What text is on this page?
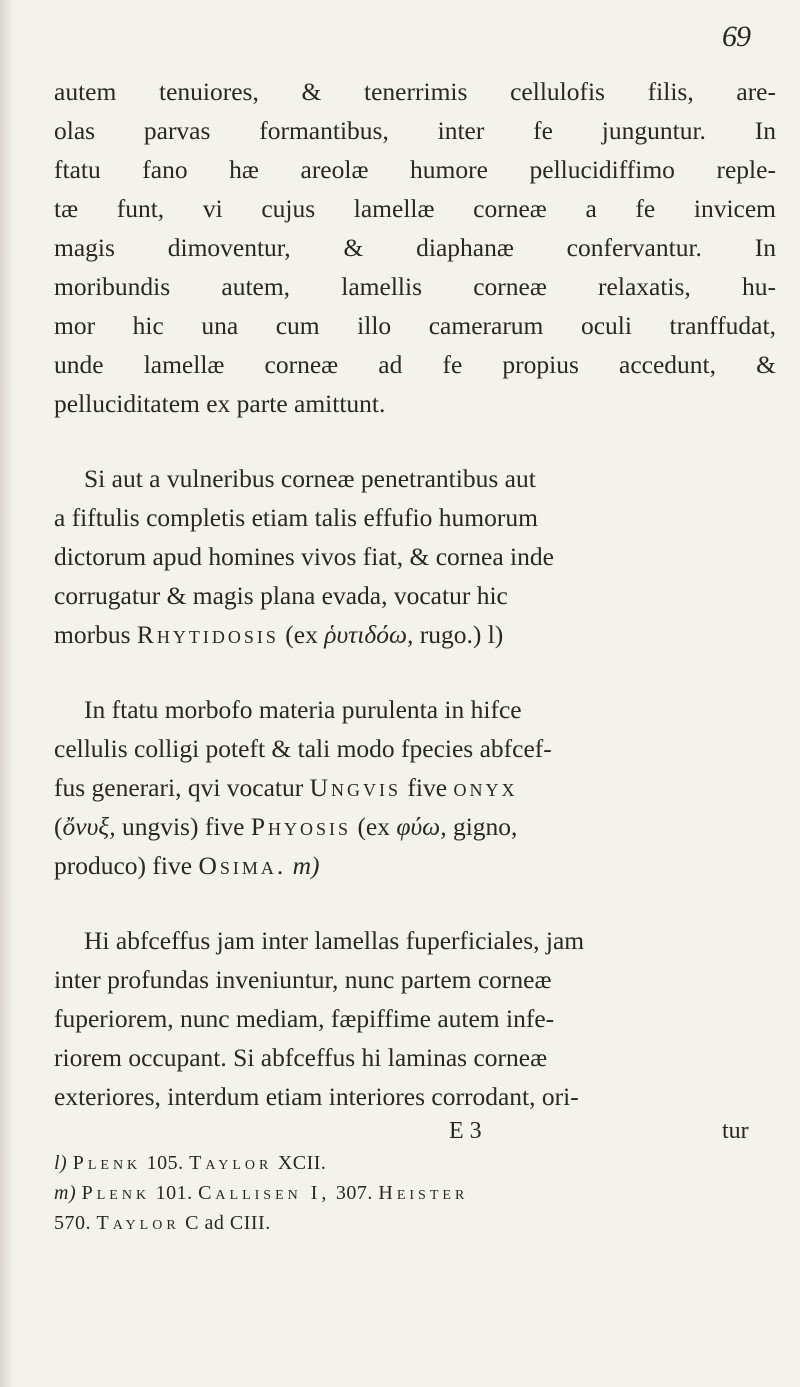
69
autem tenuiores, & tenerrimis cellulofis filis, are-
olas parvas formantibus, inter fe junguntur. In
ftatu fano hæ areolæ humore pellucidiffimo reple-
tæ funt, vi cujus lamellæ corneæ a fe invicem
magis dimoventur, & diaphanæ confervantur. In
moribundis autem, lamellis corneæ relaxatis, hu-
mor hic una cum illo camerarum oculi tranffudat,
unde lamellæ corneæ ad fe propius accedunt, &
pelluciditatem ex parte amittunt.
Si aut a vulneribus corneæ penetrantibus aut
a fiftulis completis etiam talis effufio humorum
dictorum apud homines vivos fiat, & cornea inde
corrugatur & magis plana evada, vocatur hic
morbus Rhytidosis (ex ῥυτιδόω, rugo.) l)
In ftatu morbofo materia purulenta in hifce
cellulis colligi poteft & tali modo fpecies abfcef-
fus generari, qvi vocatur Ungvis five onyx
(ὄνυξ, ungvis) five Phyosis (ex φύω, gigno,
produco) five Osima. m)
Hi abfceffus jam inter lamellas fuperficiales, jam
inter profundas inveniuntur, nunc partem corneæ
fuperiorem, nunc mediam, fæpiffime autem infe-
riorem occupant. Si abfceffus hi laminas corneæ
exteriores, interdum etiam interiores corrodant, ori-
E 3	tur
l) Plenk 105. Taylor XCII.
m) Plenk 101. Callisen I, 307. Heister
570. Taylor C ad CIII.
